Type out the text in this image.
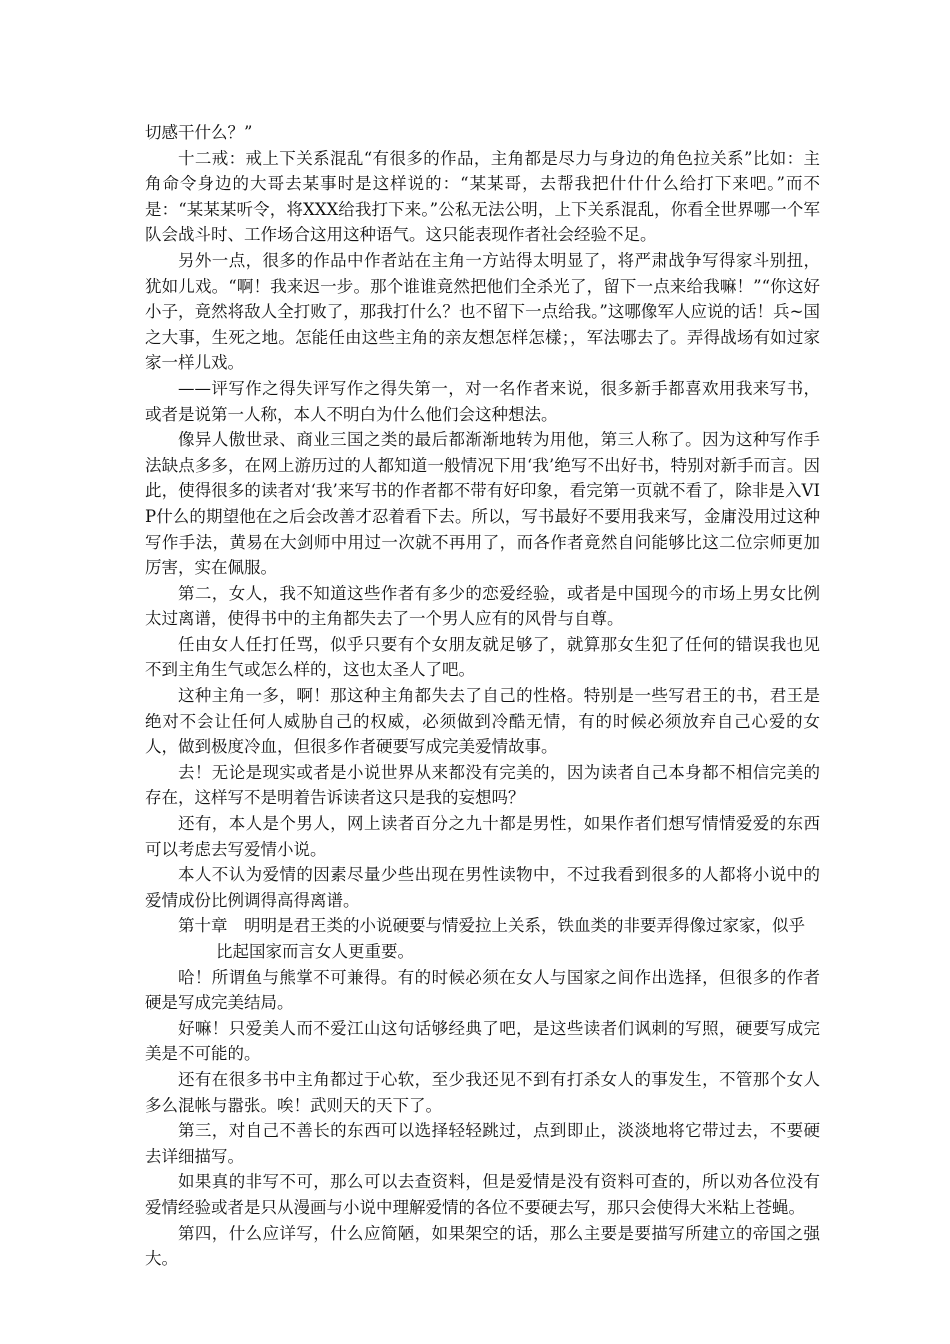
切感干什么？”

十二戒：戒上下关系混乱“有很多的作品，主角都是尽力与身边的角色拉关系”比如：主角命令身边的大哥去某事时是这样说的：“某某哥，去帮我把什什什么给打下来吧。”而不是：“某某某听令，将XXX给我打下来。”公私无法公明，上下关系混乱，你看全世界哪一个军队会战斗时、工作场合这用这种语气。这只能表现作者社会经验不足。

另外一点，很多的作品中作者站在主角一方站得太明显了，将严肃战争写得家斗别扭，犹如儿戏。“啊！我来迟一步。那个谁谁竟然把他们全杀光了，留下一点来给我嘛！”“你这好小子，竟然将敌人全打败了，那我打什么？也不留下一点给我。”这哪像军人应说的话！兵~国之大事，生死之地。怎能任由这些主角的亲友想怎样怎樣；，军法哪去了。弄得战场有如过家家一样儿戏。

——评写作之得失评写作之得失第一，对一名作者来说，很多新手都喜欢用我来写书，或者是说第一人称，本人不明白为什么他们会这种想法。

像异人傲世录、商业三国之类的最后都渐渐地转为用他，第三人称了。因为这种写作手法缺点多多，在网上游历过的人都知道一般情况下用‘我’绝写不出好书，特别对新手而言。因此，使得很多的读者对‘我’来写书的作者都不带有好印象，看完第一页就不看了，除非是入VIP什么的期望他在之后会改善才忍着看下去。所以，写书最好不要用我来写，金庸没用过这种写作手法，黄易在大剑师中用过一次就不再用了，而各作者竟然自问能够比这二位宗师更加厉害，实在佩服。

第二，女人，我不知道这些作者有多少的恋爱经验，或者是中国现今的市场上男女比例太过离谱，使得书中的主角都失去了一个男人应有的风骨与自尊。

任由女人任打任骂，似乎只要有个女朋友就足够了，就算那女生犯了任何的错误我也见不到主角生气或怎么样的，这也太圣人了吧。

这种主角一多，啊！那这种主角都失去了自己的性格。特别是一些写君王的书，君王是绝对不会让任何人威胁自己的权威，必须做到冷酷无情，有的时候必须放弃自己心爱的女人，做到极度冷血，但很多作者硬要写成完美爱情故事。

去！无论是现实或者是小说世界从来都没有完美的，因为读者自己本身都不相信完美的存在，这样写不是明着告诉读者这只是我的妄想吗？

还有，本人是个男人，网上读者百分之九十都是男性，如果作者们想写情情爱爱的东西可以考虑去写爱情小说。

本人不认为爱情的因素尽量少些出现在男性读物中，不过我看到很多的人都将小说中的爱情成份比例调得高得离谱。

第十章　明明是君王类的小说硬要与情爱拉上关系，铁血类的非要弄得像过家家，似乎
比起国家而言女人更重要。

哈！所谓鱼与熊掌不可兼得。有的时候必须在女人与国家之间作出选择，但很多的作者硬是写成完美结局。

好嘛！只爱美人而不爱江山这句话够经典了吧，是这些读者们讽刺的写照，硬要写成完美是不可能的。

还有在很多书中主角都过于心软，至少我还见不到有打杀女人的事发生，不管那个女人多么混帐与嚣张。唉！武则天的天下了。

第三，对自己不善长的东西可以选择轻轻跳过，点到即止，淡淡地将它带过去，不要硬去详细描写。

如果真的非写不可，那么可以去查资料，但是爱情是没有资料可查的，所以劝各位没有爱情经验或者是只从漫画与小说中理解爱情的各位不要硬去写，那只会使得大米粘上苍蝇。

第四，什么应详写，什么应简陋，如果架空的话，那么主要是要描写所建立的帝国之强大。
